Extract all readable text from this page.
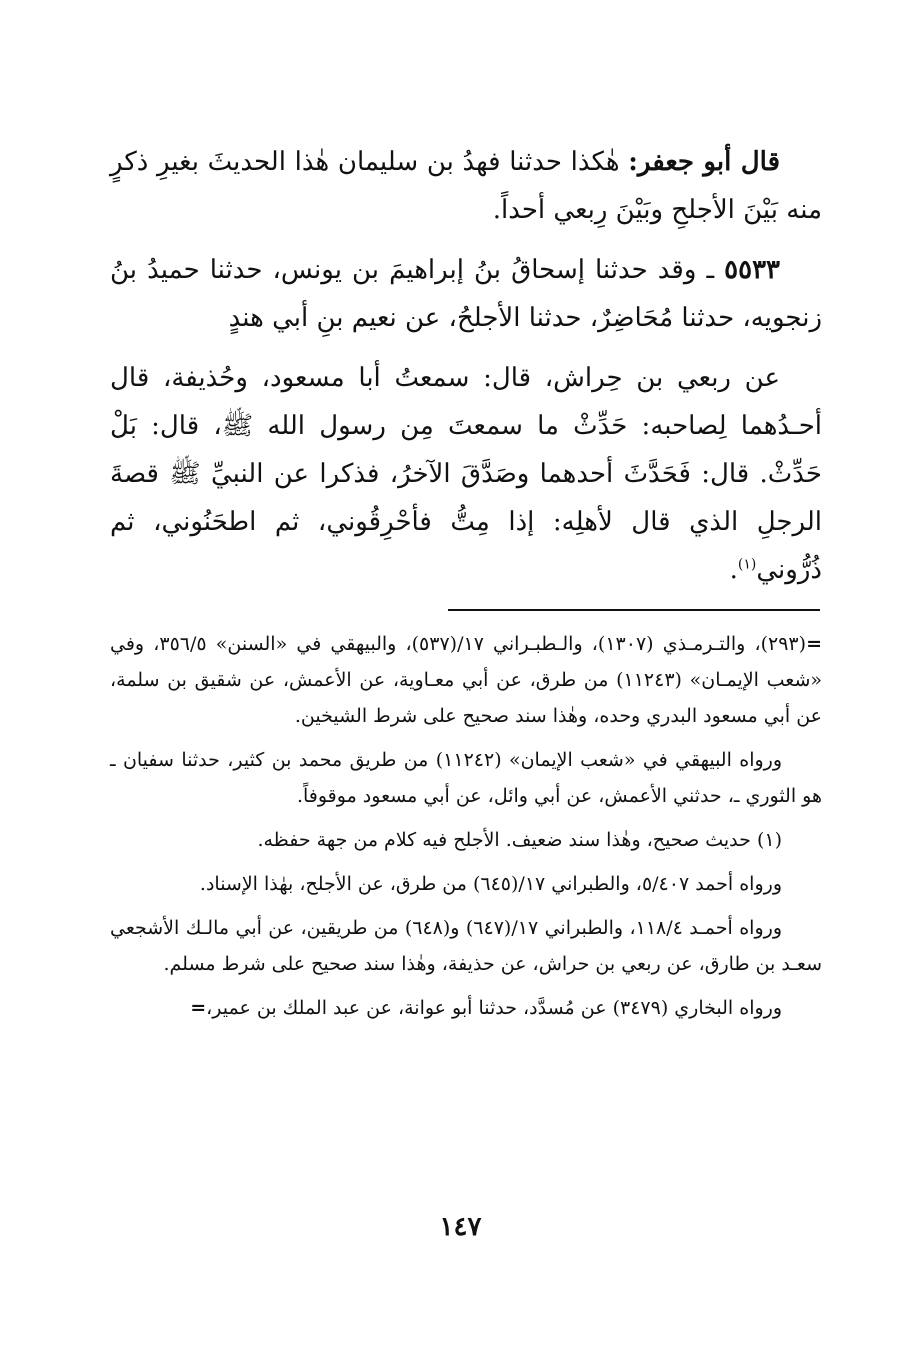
قال أبو جعفر: هٰكذا حدثنا فهدُ بن سليمان هٰذا الحديثَ بغيرِ ذكرٍ منه بَيْنَ الأجلحِ وبَيْنَ رِبعي أحداً.

٥٥٣٣ ـ وقد حدثنا إسحاقُ بنُ إبراهيمَ بن يونس، حدثنا حميدُ بنُ زنجويه، حدثنا مُحَاضِرٌ، حدثنا الأجلحُ، عن نعيم بنِ أبي هندٍ

عن ربعي بن حِراش، قال: سمعتُ أبا مسعود، وحُذيفة، قال أحـدُهما لِصاحبه: حَدِّثْ ما سمعتَ مِن رسول الله ﷺ، قال: بَلْ حَدِّثْ. قال: فَحَدَّثَ أحدهما وصَدَّقَ الآخرُ، فذكرا عن النبيِّ ﷺ قصةَ الرجلِ الذي قال لأهلِه: إذا مِتُّ فأحْرِقُوني، ثم اطحَنُوني، ثم ذُرُّوني$^{(١)}$.

=(٢٩٣)، والتـرمـذي (١٣٠٧)، والـطبـراني ١٧/(٥٣٧)، والبيهقي في «السنن» ٣٥٦/٥، وفي «شعب الإيمـان» (١١٢٤٣) من طرق، عن أبي معـاوية، عن الأعمش، عن شقيق بن سلمة، عن أبي مسعود البدري وحده، وهٰذا سند صحيح على شرط الشيخين.

ورواه البيهقي في «شعب الإيمان» (١١٢٤٢) من طريق محمد بن كثير، حدثنا سفيان ـ هو الثوري ـ، حدثني الأعمش، عن أبي وائل، عن أبي مسعود موقوفاً.

(١) حديث صحيح، وهٰذا سند ضعيف. الأجلح فيه كلام من جهة حفظه.

ورواه أحمد ٥/٤٠٧، والطبراني ١٧/(٦٤٥) من طرق، عن الأجلح، بهٰذا الإسناد.

ورواه أحمـد ١١٨/٤، والطبراني ١٧/(٦٤٧) و(٦٤٨) من طريقين، عن أبي مالـك الأشجعي سعـد بن طارق، عن ربعي بن حراش، عن حذيفة، وهٰذا سند صحيح على شرط مسلم.

ورواه البخاري (٣٤٧٩) عن مُسدَّد، حدثنا أبو عوانة، عن عبد الملك بن عمير،=

١٤٧
